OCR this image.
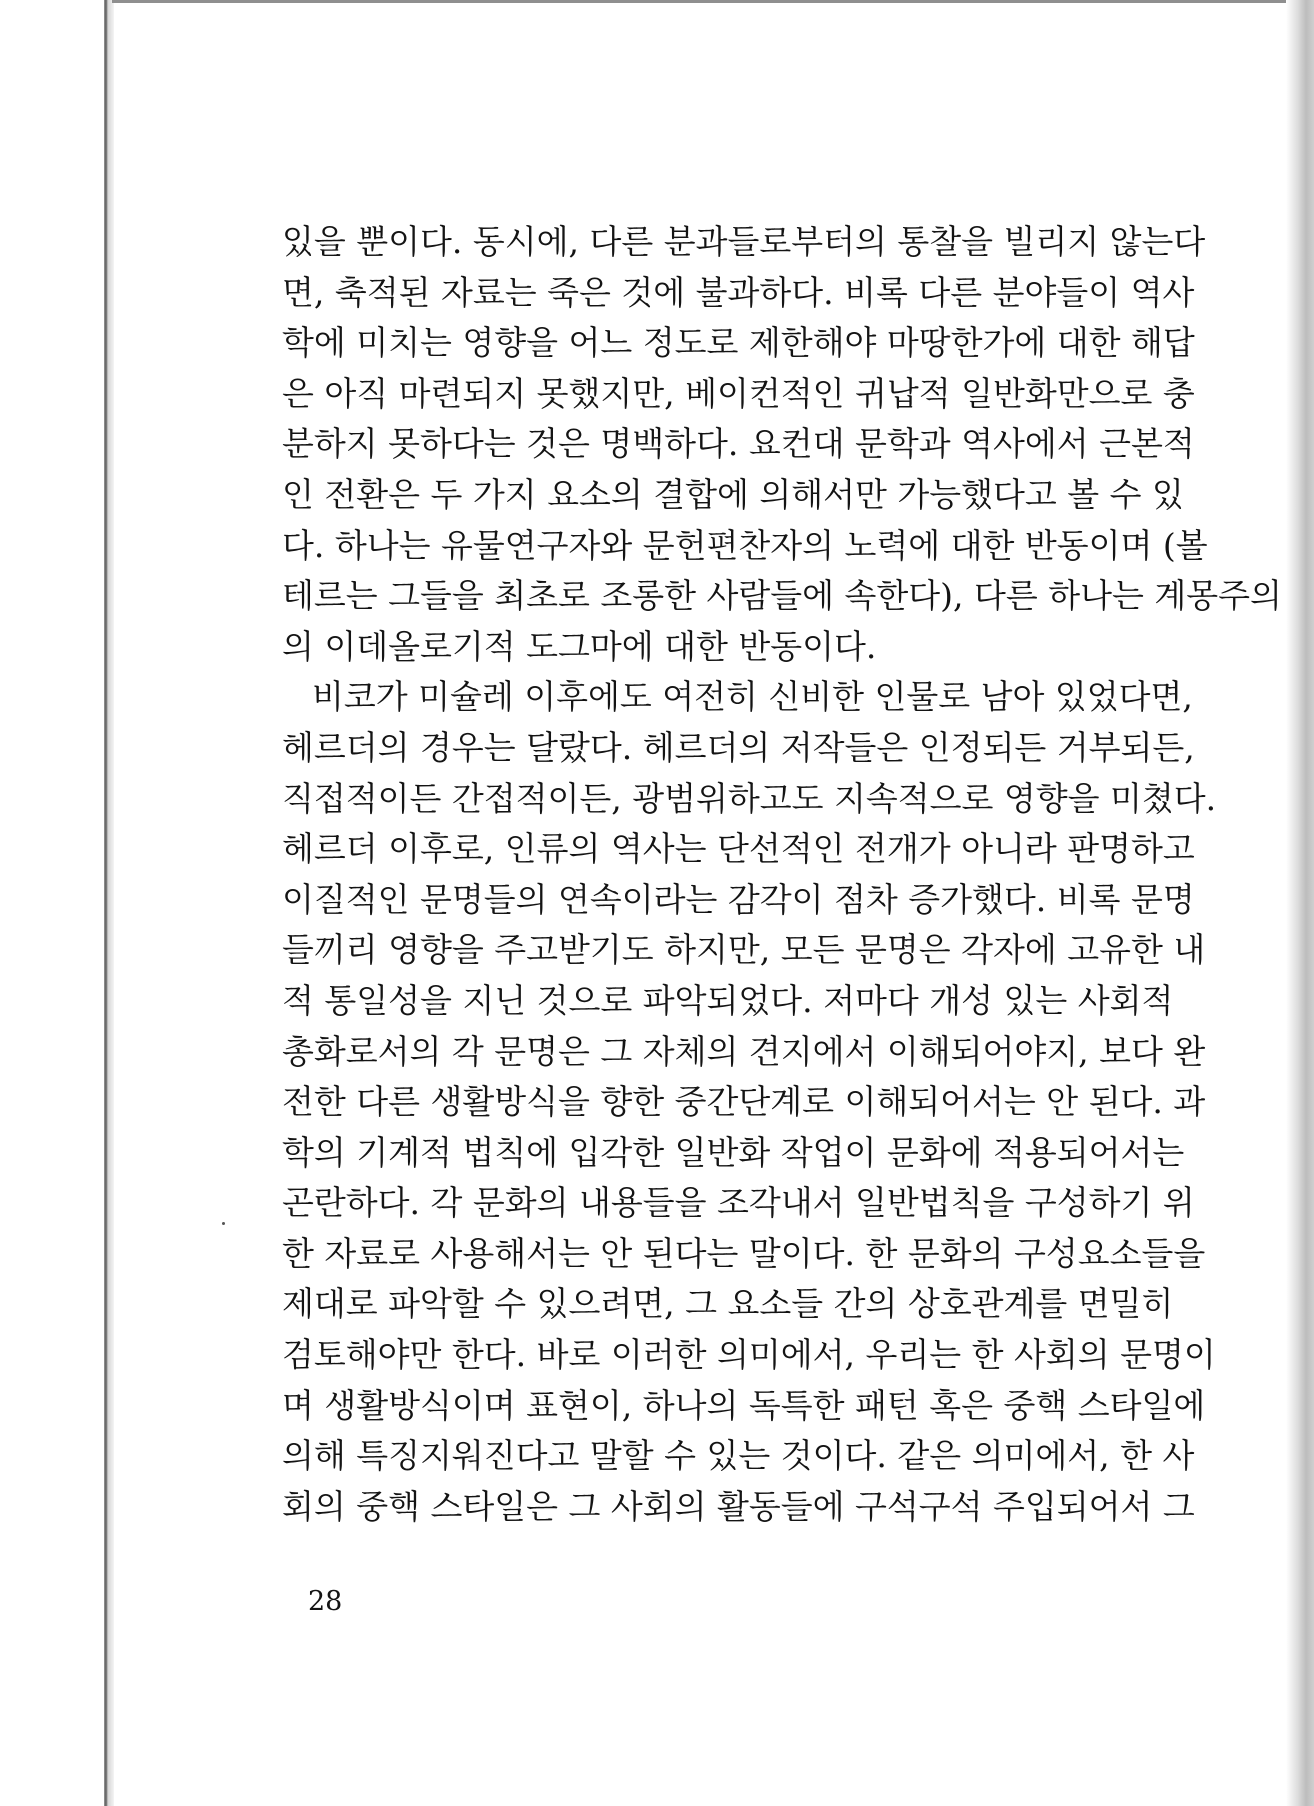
있을 뿐이다. 동시에, 다른 분과들로부터의 통찰을 빌리지 않는다
면, 축적된 자료는 죽은 것에 불과하다. 비록 다른 분야들이 역사
학에 미치는 영향을 어느 정도로 제한해야 마땅한가에 대한 해답
은 아직 마련되지 못했지만, 베이컨적인 귀납적 일반화만으로 충
분하지 못하다는 것은 명백하다. 요컨대 문학과 역사에서 근본적
인 전환은 두 가지 요소의 결합에 의해서만 가능했다고 볼 수 있
다. 하나는 유물연구자와 문헌편찬자의 노력에 대한 반동이며 (볼
테르는 그들을 최초로 조롱한 사람들에 속한다), 다른 하나는 계몽주의
의 이데올로기적 도그마에 대한 반동이다.
비코가 미슐레 이후에도 여전히 신비한 인물로 남아 있었다면,
헤르더의 경우는 달랐다. 헤르더의 저작들은 인정되든 거부되든,
직접적이든 간접적이든, 광범위하고도 지속적으로 영향을 미쳤다.
헤르더 이후로, 인류의 역사는 단선적인 전개가 아니라 판명하고
이질적인 문명들의 연속이라는 감각이 점차 증가했다. 비록 문명
들끼리 영향을 주고받기도 하지만, 모든 문명은 각자에 고유한 내
적 통일성을 지닌 것으로 파악되었다. 저마다 개성 있는 사회적
총화로서의 각 문명은 그 자체의 견지에서 이해되어야지, 보다 완
전한 다른 생활방식을 향한 중간단계로 이해되어서는 안 된다. 과
학의 기계적 법칙에 입각한 일반화 작업이 문화에 적용되어서는
곤란하다. 각 문화의 내용들을 조각내서 일반법칙을 구성하기 위
한 자료로 사용해서는 안 된다는 말이다. 한 문화의 구성요소들을
제대로 파악할 수 있으려면, 그 요소들 간의 상호관계를 면밀히
검토해야만 한다. 바로 이러한 의미에서, 우리는 한 사회의 문명이
며 생활방식이며 표현이, 하나의 독특한 패턴 혹은 중핵 스타일에
의해 특징지워진다고 말할 수 있는 것이다. 같은 의미에서, 한 사
회의 중핵 스타일은 그 사회의 활동들에 구석구석 주입되어서 그
28
